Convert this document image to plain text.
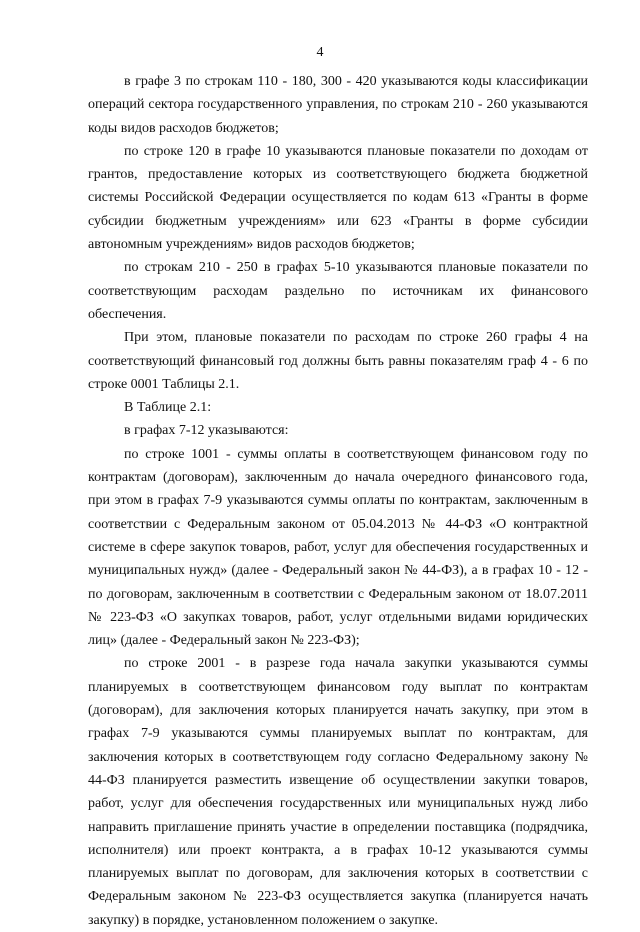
4

в графе 3 по строкам 110 - 180, 300 - 420 указываются коды классификации операций сектора государственного управления, по строкам 210 - 260 указываются коды видов расходов бюджетов;

по строке 120 в графе 10 указываются плановые показатели по доходам от грантов, предоставление которых из соответствующего бюджета бюджетной системы Российской Федерации осуществляется по кодам 613 «Гранты в форме субсидии бюджетным учреждениям» или 623 «Гранты в форме субсидии автономным учреждениям» видов расходов бюджетов;

по строкам 210 - 250 в графах 5-10 указываются плановые показатели по соответствующим расходам раздельно по источникам их финансового обеспечения.

При этом, плановые показатели по расходам по строке 260 графы 4 на соответствующий финансовый год должны быть равны показателям граф 4 - 6 по строке 0001 Таблицы 2.1.

В Таблице 2.1:

в графах 7-12 указываются:

по строке 1001 - суммы оплаты в соответствующем финансовом году по контрактам (договорам), заключенным до начала очередного финансового года, при этом в графах 7-9 указываются суммы оплаты по контрактам, заключенным в соответствии с Федеральным законом от 05.04.2013 № 44-ФЗ «О контрактной системе в сфере закупок товаров, работ, услуг для обеспечения государственных и муниципальных нужд» (далее - Федеральный закон № 44-ФЗ), а в графах 10 - 12 - по договорам, заключенным в соответствии с Федеральным законом от 18.07.2011 № 223-ФЗ «О закупках товаров, работ, услуг отдельными видами юридических лиц» (далее - Федеральный закон № 223-ФЗ);

по строке 2001 - в разрезе года начала закупки указываются суммы планируемых в соответствующем финансовом году выплат по контрактам (договорам), для заключения которых планируется начать закупку, при этом в графах 7-9 указываются суммы планируемых выплат по контрактам, для заключения которых в соответствующем году согласно Федеральному закону № 44-ФЗ планируется разместить извещение об осуществлении закупки товаров, работ, услуг для обеспечения государственных или муниципальных нужд либо направить приглашение принять участие в определении поставщика (подрядчика, исполнителя) или проект контракта, а в графах 10-12 указываются суммы планируемых выплат по договорам, для заключения которых в соответствии с Федеральным законом № 223-ФЗ осуществляется закупка (планируется начать закупку) в порядке, установленном положением о закупке.
